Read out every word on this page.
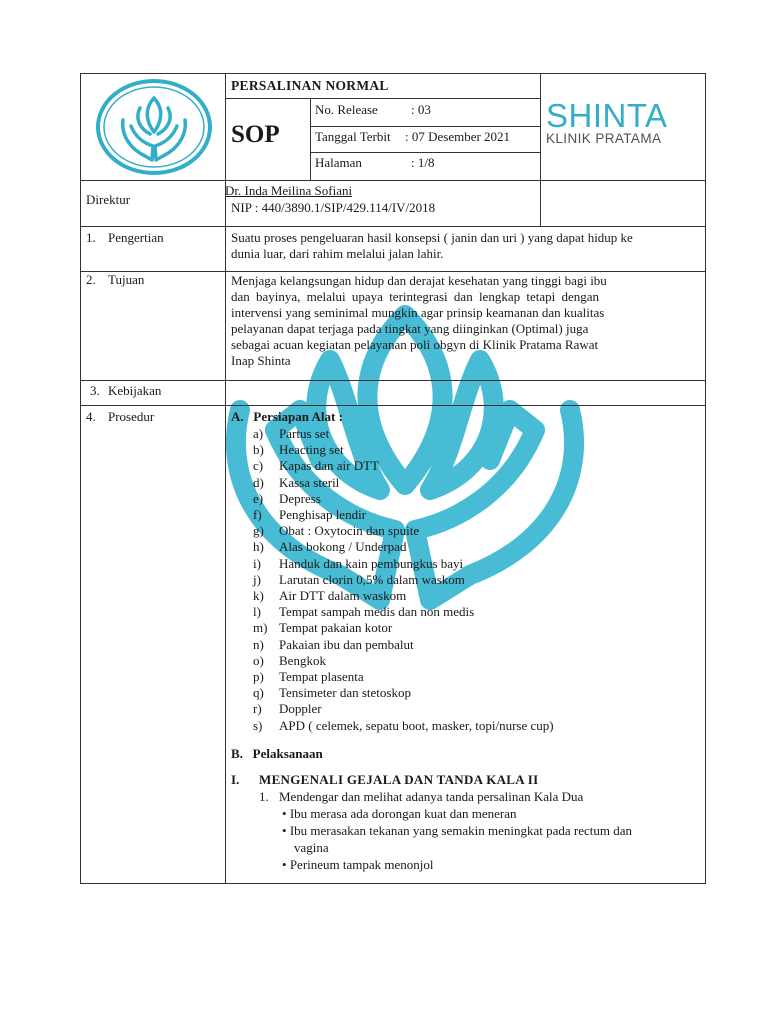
PERSALINAN NORMAL
SOP
No. Release	: 03
Tanggal Terbit : 07 Desember 2021
Halaman	: 1/8
SHINTA
KLINIK PRATAMA
Direktur
Dr. Inda Meilina Sofiani
NIP : 440/3890.1/SIP/429.114/IV/2018
1. Pengertian	Suatu proses pengeluaran hasil konsepsi ( janin dan uri ) yang dapat hidup ke
dunia luar, dari rahim melalui jalan lahir.
2. Tujuan	Menjaga kelangsungan hidup dan derajat kesehatan yang tinggi bagi ibu
dan bayinya, melalui upaya terintegrasi dan lengkap tetapi dengan
intervensi yang seminimal mungkin agar prinsip keamanan dan kualitas
pelayanan dapat terjaga pada tingkat yang diinginkan (Optimal) juga
sebagai acuan kegiatan pelayanan poli obgyn di Klinik Pratama Rawat
Inap Shinta
3. Kebijakan
4. Prosedur	A.   Persiapan Alat :
a) Partus set
b) Heacting set
c) Kapas dan air DTT
d) Kassa steril
e) Depress
f) Penghisap lendir
g) Obat : Oxytocin dan spuite
h) Alas bokong / Underpad
i) Handuk dan kain pembungkus bayi
j) Larutan clorin 0,5% dalam waskom
k) Air DTT dalam waskom
l) Tempat sampah medis dan non medis
m) Tempat pakaian kotor
n) Pakaian ibu dan pembalut
o) Bengkok
p) Tempat plasenta
q) Tensimeter dan stetoskop
r) Doppler
s) APD ( celemek, sepatu boot, masker, topi/nurse cup)
B.   Pelaksanaan
I. MENGENALI GEJALA DAN TANDA KALA II
1. Mendengar dan melihat adanya tanda persalinan Kala Dua
• Ibu merasa ada dorongan kuat dan meneran
• Ibu merasakan tekanan yang semakin meningkat pada rectum dan
vagina
• Perineum tampak menonjol
